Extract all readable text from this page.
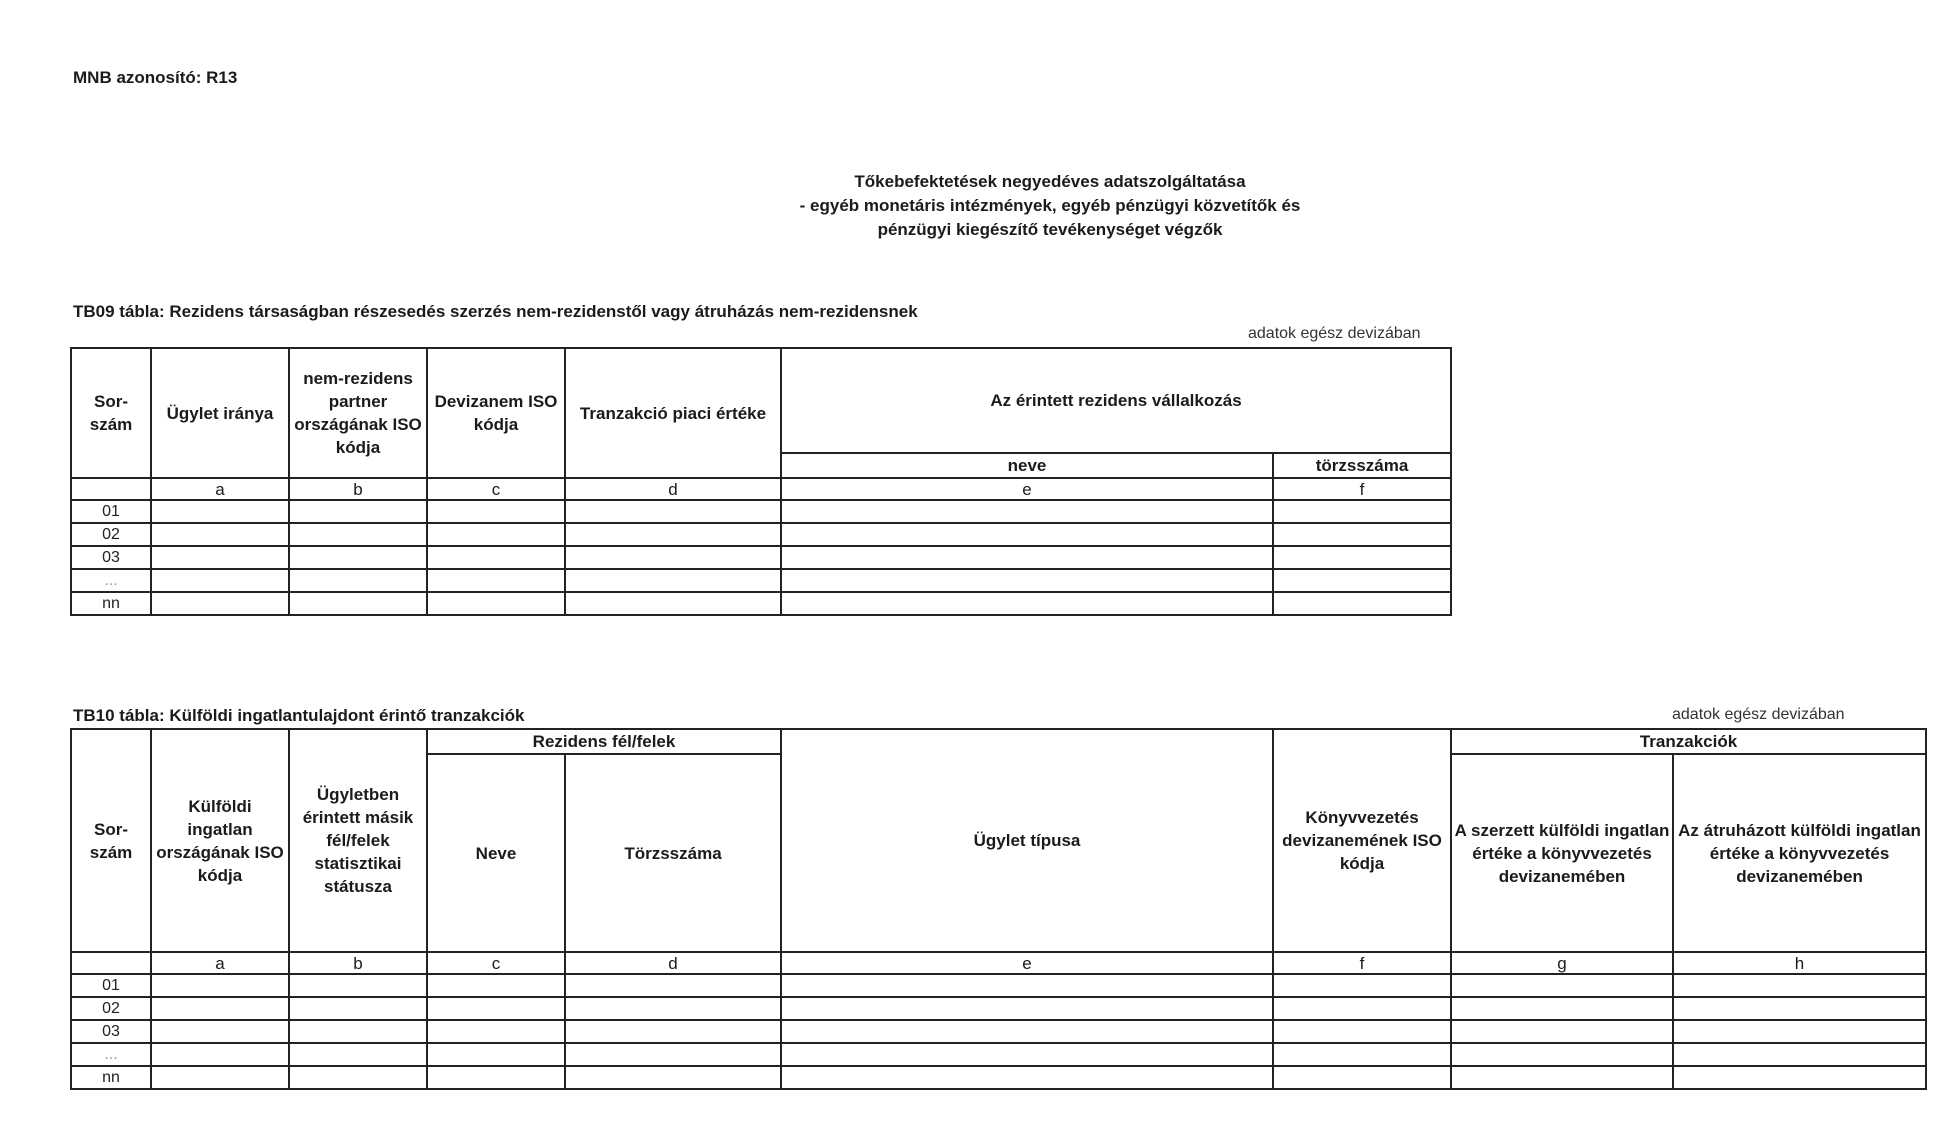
MNB azonosító: R13
Tőkebefektetések negyedéves adatszolgáltatása
- egyéb monetáris intézmények, egyéb pénzügyi közvetítők és
pénzügyi kiegészítő tevékenységet végzők
TB09 tábla: Rezidens társaságban részesedés szerzés nem-rezidenstől vagy átruházás nem-rezidensnek
adatok egész devizában
Sor-szám	Ügylet iránya	nem-rezidens partner országának ISO kódja	Devizanem ISO kódja	Tranzakció piaci értéke	Az érintett rezidens vállalkozás	
					neve	törzsszáma
	a	b	c	d	e	f
01						
02						
03						
...						
nn						
TB10 tábla: Külföldi ingatlantulajdont érintő tranzakciók	adatok egész devizában
Sor-szám	Külföldi ingatlan országának ISO kódja	Ügyletben érintett másik fél/felek statisztikai státusza	Rezidens fél/felek		Ügylet típusa	Könyvvezetés devizanemének ISO kódja	Tranzakciók	
			Neve	Törzsszáma			A szerzett külföldi ingatlan értéke a könyvvezetés devizanemében	Az átruházott külföldi ingatlan értéke a könyvvezetés devizanemében
	a	b	c	d	e	f	g	h
01								
02								
03								
...								
nn								
